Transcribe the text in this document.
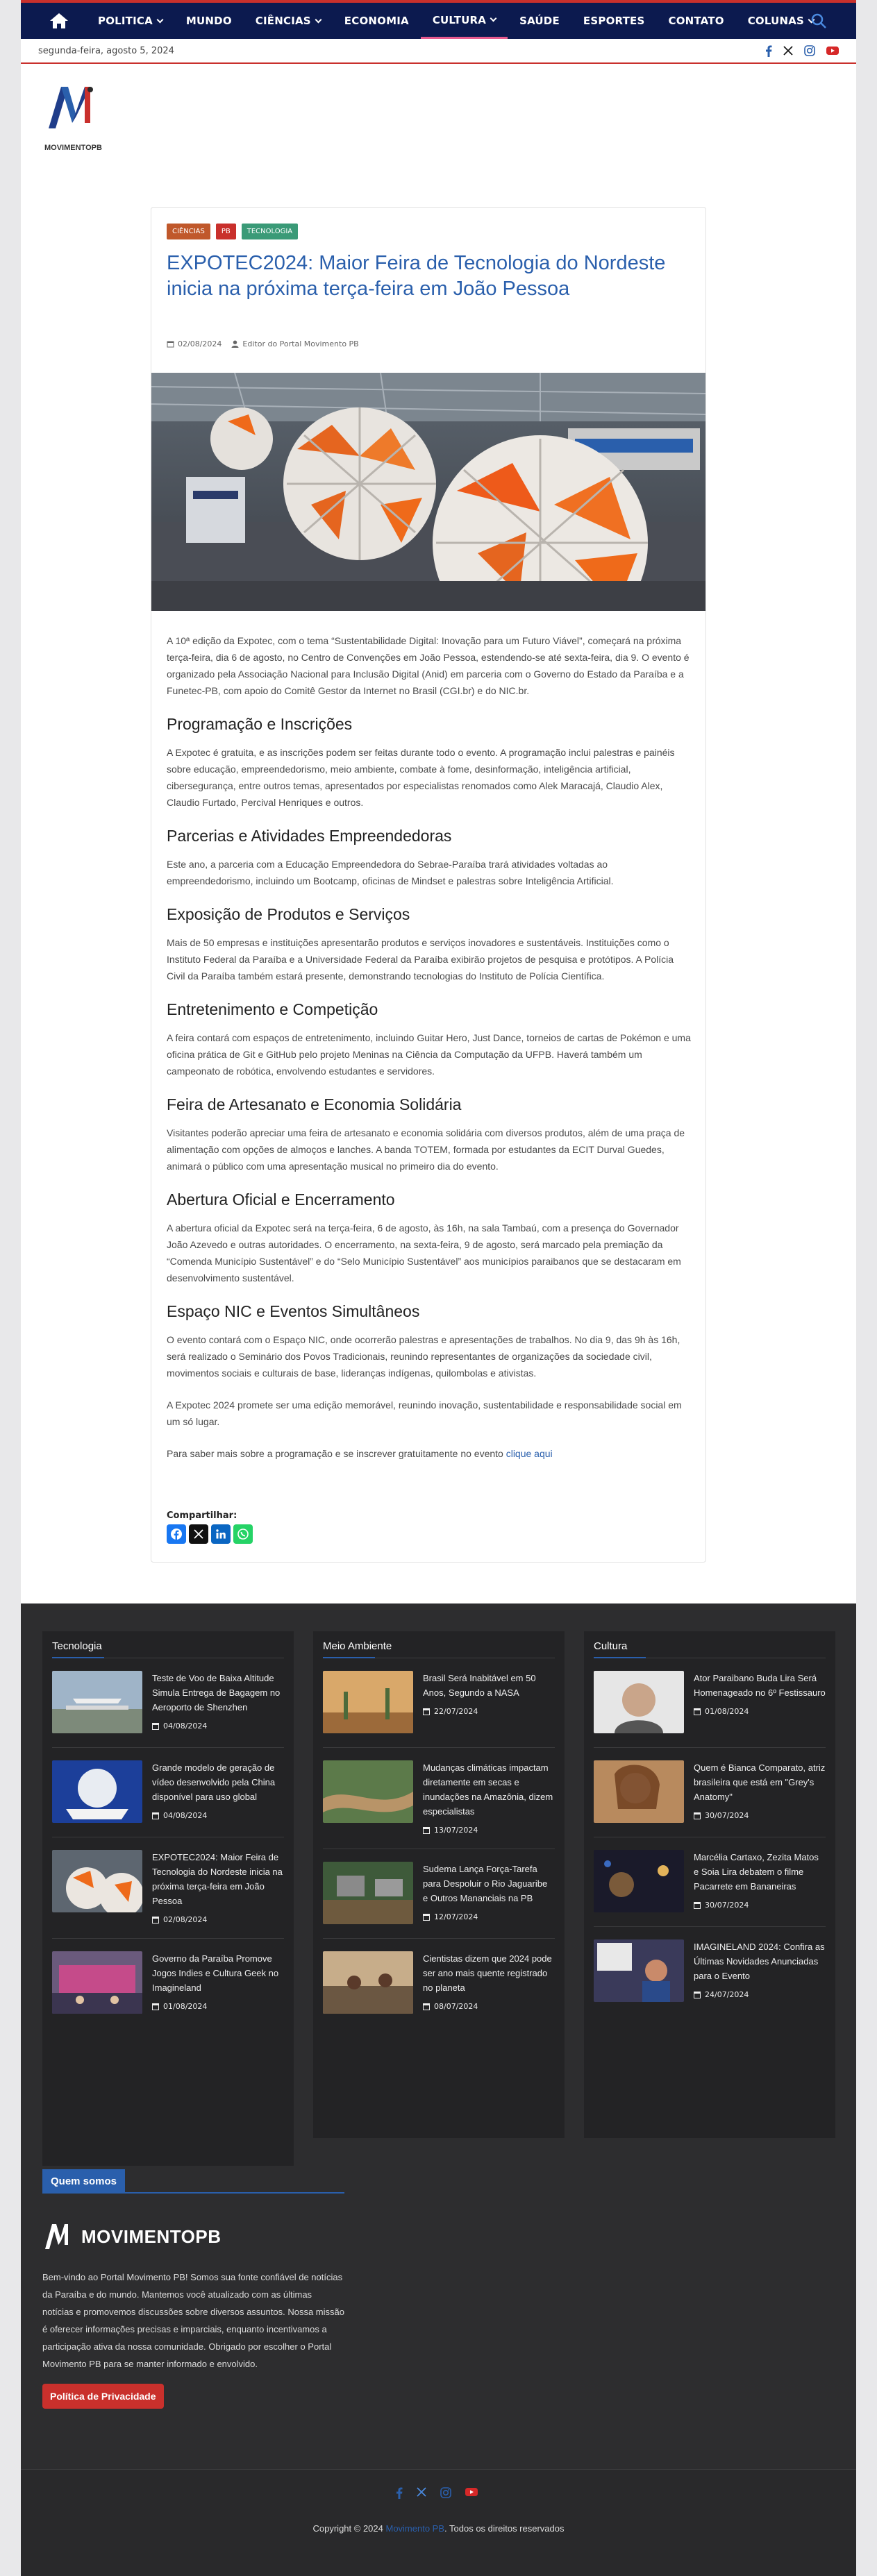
POLITICA	MUNDO CIÊNCIAS	ECONOMIA CULTURA	SAÚDE ESPORTES CONTATO COLUNAS
segunda-feira, agosto 5, 2024
MOVIMENTOPB
CIÊNCIAS	PB	TECNOLOGIA
EXPOTEC2024: Maior Feira de Tecnologia do Nordeste inicia na próxima terça-feira em João Pessoa
02/08/2024	Editor do Portal Movimento PB

A 10ª edição da Expotec, com o tema “Sustentabilidade Digital: Inovação para um Futuro Viável”, começará na próxima terça-feira, dia 6 de agosto, no Centro de Convenções em João Pessoa, estendendo-se até sexta-feira, dia 9. O evento é organizado pela Associação Nacional para Inclusão Digital (Anid) em parceria com o Governo do Estado da Paraíba e a Funetec-PB, com apoio do Comitê Gestor da Internet no Brasil (CGI.br) e do NIC.br.

Programação e Inscrições

A Expotec é gratuita, e as inscrições podem ser feitas durante todo o evento. A programação inclui palestras e painéis sobre educação, empreendedorismo, meio ambiente, combate à fome, desinformação, inteligência artificial, cibersegurança, entre outros temas, apresentados por especialistas renomados como Alek Maracajá, Claudio Alex, Claudio Furtado, Percival Henriques e outros.

Parcerias e Atividades Empreendedoras

Este ano, a parceria com a Educação Empreendedora do Sebrae-Paraíba trará atividades voltadas ao empreendedorismo, incluindo um Bootcamp, oficinas de Mindset e palestras sobre Inteligência Artificial.

Exposição de Produtos e Serviços

Mais de 50 empresas e instituições apresentarão produtos e serviços inovadores e sustentáveis. Instituições como o Instituto Federal da Paraíba e a Universidade Federal da Paraíba exibirão projetos de pesquisa e protótipos. A Polícia Civil da Paraíba também estará presente, demonstrando tecnologias do Instituto de Polícia Científica.

Entretenimento e Competição

A feira contará com espaços de entretenimento, incluindo Guitar Hero, Just Dance, torneios de cartas de Pokémon e uma oficina prática de Git e GitHub pelo projeto Meninas na Ciência da Computação da UFPB. Haverá também um campeonato de robótica, envolvendo estudantes e servidores.

Feira de Artesanato e Economia Solidária

Visitantes poderão apreciar uma feira de artesanato e economia solidária com diversos produtos, além de uma praça de alimentação com opções de almoços e lanches. A banda TOTEM, formada por estudantes da ECIT Durval Guedes, animará o público com uma apresentação musical no primeiro dia do evento.

Abertura Oficial e Encerramento

A abertura oficial da Expotec será na terça-feira, 6 de agosto, às 16h, na sala Tambaú, com a presença do Governador João Azevedo e outras autoridades. O encerramento, na sexta-feira, 9 de agosto, será marcado pela premiação da “Comenda Município Sustentável” e do “Selo Município Sustentável” aos municípios paraibanos que se destacaram em desenvolvimento sustentável.

Espaço NIC e Eventos Simultâneos

O evento contará com o Espaço NIC, onde ocorrerão palestras e apresentações de trabalhos. No dia 9, das 9h às 16h, será realizado o Seminário dos Povos Tradicionais, reunindo representantes de organizações da sociedade civil, movimentos sociais e culturais de base, lideranças indígenas, quilombolas e ativistas.

A Expotec 2024 promete ser uma edição memorável, reunindo inovação, sustentabilidade e responsabilidade social em um só lugar.

Para saber mais sobre a programação e se inscrever gratuitamente no evento clique aqui

Compartilhar:
Tecnologia
Teste de Voo de Baixa Altitude Simula Entrega de Bagagem no Aeroporto de Shenzhen
04/08/2024
Grande modelo de geração de vídeo desenvolvido pela China disponível para uso global
04/08/2024
EXPOTEC2024: Maior Feira de Tecnologia do Nordeste inicia na próxima terça-feira em João Pessoa
02/08/2024
Governo da Paraíba Promove Jogos Indies e Cultura Geek no Imagineland
01/08/2024
Meio Ambiente
Brasil Será Inabitável em 50 Anos, Segundo a NASA
22/07/2024
Mudanças climáticas impactam diretamente em secas e inundações na Amazônia, dizem especialistas
13/07/2024
Sudema Lança Força-Tarefa para Despoluir o Rio Jaguaribe e Outros Mananciais na PB
12/07/2024
Cientistas dizem que 2024 pode ser ano mais quente registrado no planeta
08/07/2024
Cultura
Ator Paraibano Buda Lira Será Homenageado no 6º Festissauro
01/08/2024
Quem é Bianca Comparato, atriz brasileira que está em "Grey's Anatomy"
30/07/2024
Marcélia Cartaxo, Zezita Matos e Soia Lira debatem o filme Pacarrete em Bananeiras
30/07/2024
IMAGINELAND 2024: Confira as Últimas Novidades Anunciadas para o Evento
24/07/2024
Quem somos
MOVIMENTOPB
Bem-vindo ao Portal Movimento PB! Somos sua fonte confiável de notícias da Paraíba e do mundo. Mantemos você atualizado com as últimas notícias e promovemos discussões sobre diversos assuntos. Nossa missão é oferecer informações precisas e imparciais, enquanto incentivamos a participação ativa da nossa comunidade. Obrigado por escolher o Portal Movimento PB para se manter informado e envolvido.
Política de Privacidade
Copyright © 2024 Movimento PB. Todos os direitos reservados
